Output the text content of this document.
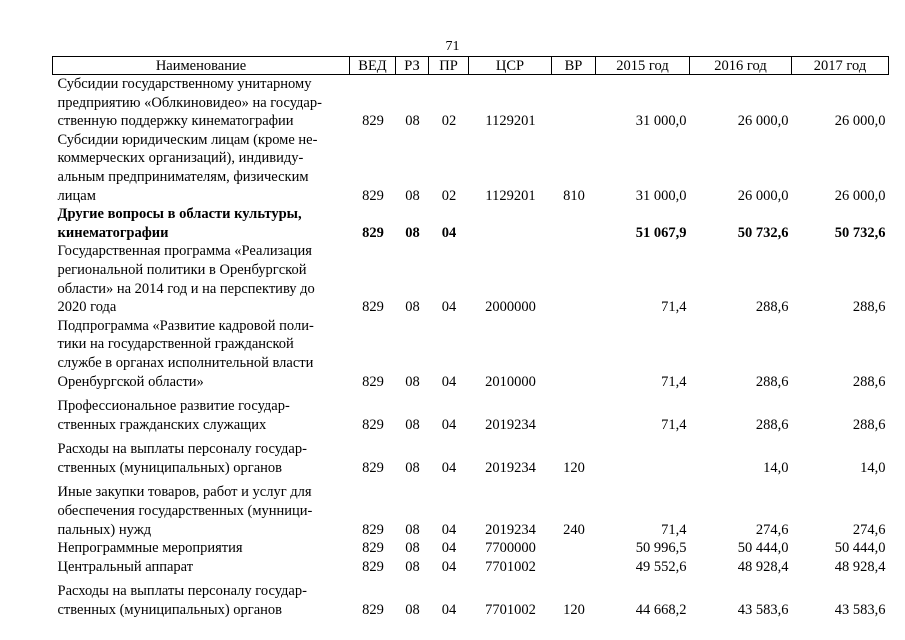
71
Наименование	ВЕД	РЗ	ПР	ЦСР	ВР	2015 год	2016 год	2017 год
Субсидии государственному унитарному предприятию «Облкиновидео» на государ-ственную поддержку кинематографии	829	08	02	1129201		31 000,0	26 000,0	26 000,0
Субсидии юридическим лицам (кроме не-коммерческих организаций), индивиду-альным предпринимателям, физическим лицам	829	08	02	1129201	810	31 000,0	26 000,0	26 000,0
Другие вопросы в области культуры, кинематографии	829	08	04			51 067,9	50 732,6	50 732,6
Государственная программа «Реализация региональной политики в Оренбургской области» на 2014 год и на перспективу до 2020 года	829	08	04	2000000		71,4	288,6	288,6
Подпрограмма «Развитие кадровой поли-тики на государственной гражданской службе в органах исполнительной власти Оренбургской области»	829	08	04	2010000		71,4	288,6	288,6
Профессиональное развитие государ-ственных гражданских служащих	829	08	04	2019234		71,4	288,6	288,6
Расходы на выплаты персоналу государ-ственных (муниципальных) органов	829	08	04	2019234	120		14,0	14,0
Иные закупки товаров, работ и услуг для обеспечения государственных (мунници-пальных) нужд	829	08	04	2019234	240	71,4	274,6	274,6
Непрограммные мероприятия	829	08	04	7700000		50 996,5	50 444,0	50 444,0
Центральный аппарат	829	08	04	7701002		49 552,6	48 928,4	48 928,4
Расходы на выплаты персоналу государ-ственных (муниципальных) органов	829	08	04	7701002	120	44 668,2	43 583,6	43 583,6
